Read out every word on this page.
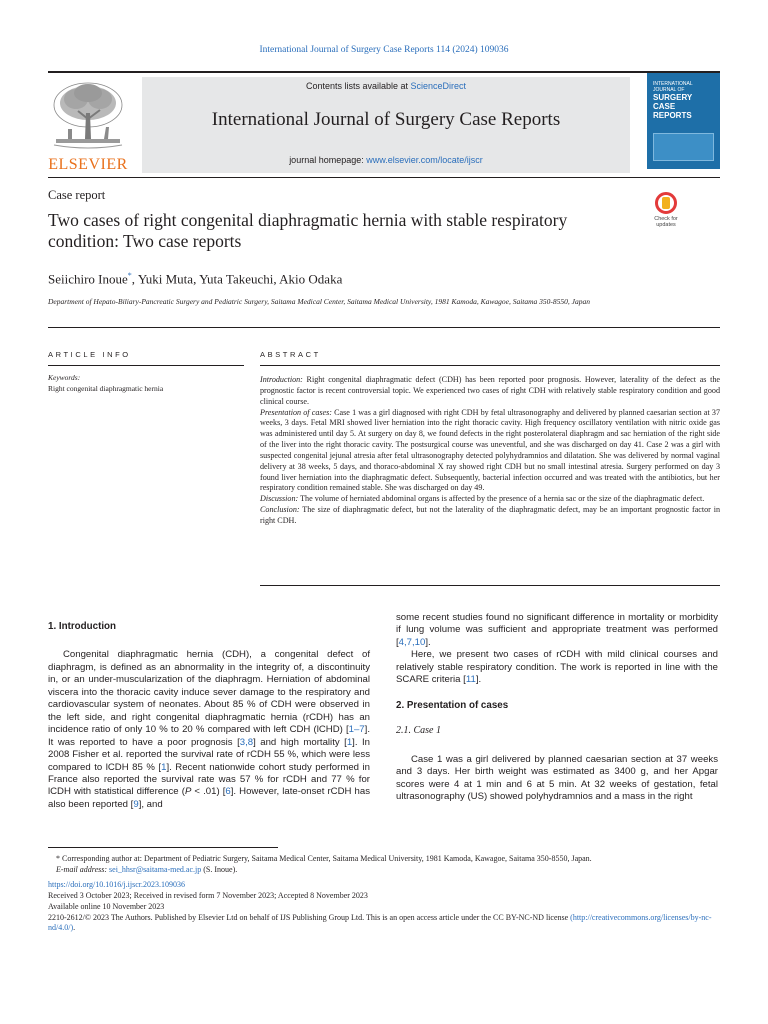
International Journal of Surgery Case Reports 114 (2024) 109036
ELSEVIER
Contents lists available at ScienceDirect
International Journal of Surgery Case Reports
journal homepage: www.elsevier.com/locate/ijscr
INTERNATIONAL JOURNAL OF
SURGERY
CASE
REPORTS
Case report
Two cases of right congenital diaphragmatic hernia with stable respiratory condition: Two case reports
Check for updates
Seiichiro Inoue*, Yuki Muta, Yuta Takeuchi, Akio Odaka
Department of Hepato-Biliary-Pancreatic Surgery and Pediatric Surgery, Saitama Medical Center, Saitama Medical University, 1981 Kamoda, Kawagoe, Saitama 350-8550, Japan
ARTICLE INFO	ABSTRACT
Keywords:
Right congenital diaphragmatic hernia

Introduction: Right congenital diaphragmatic defect (CDH) has been reported poor prognosis. However, laterality of the defect as the prognostic factor is recent controversial topic. We experienced two cases of right CDH with relatively stable respiratory condition and good clinical course.

Presentation of cases: Case 1 was a girl diagnosed with right CDH by fetal ultrasonography and delivered by planned caesarian section at 37 weeks, 3 days. Fetal MRI showed liver herniation into the right thoracic cavity. High frequency oscillatory ventilation with nitric oxide gas was administered until day 5. At surgery on day 8, we found defects in the right posterolateral diaphragm and sac herniation of the right side of the liver into the right thoracic cavity. The postsurgical course was uneventful, and she was discharged on day 41. Case 2 was a girl with suspected congenital jejunal atresia after fetal ultrasonography detected polyhydramnios and dilatation. She was delivered by normal vaginal delivery at 38 weeks, 5 days, and thoraco-abdominal X ray showed right CDH but no small intestinal atresia. Surgery performed on day 3 found liver herniation into the diaphragmatic defect. Subsequently, bacterial infection occurred and was treated with the antibiotics, but her respiratory condition remained stable. She was discharged on day 49.

Discussion: The volume of herniated abdominal organs is affected by the presence of a hernia sac or the size of the diaphragmatic defect.

Conclusion: The size of diaphragmatic defect, but not the laterality of the diaphragmatic defect, may be an important prognostic factor in right CDH.

1. Introduction
Congenital diaphragmatic hernia (CDH), a congenital defect of diaphragm, is defined as an abnormality in the integrity of, a discontinuity in, or an under-muscularization of the diaphragm. Herniation of abdominal viscera into the thoracic cavity induce sever damage to the respiratory and cardiovascular system of neonates. About 85 % of CDH were observed in the left side, and right congenital diaphragmatic hernia (rCDH) has an incidence ratio of only 10 % to 20 % compared with left CDH (lCHD) [1–7]. It was reported to have a poor prognosis [3,8] and high mortality [1]. In 2008 Fisher et al. reported the survival rate of rCDH 55 %, which were less compared to lCDH 85 % [1]. Recent nationwide cohort study performed in France also reported the survival rate was 57 % for rCDH and 77 % for lCDH with statistical difference (P < .01) [6]. However, late-onset rCDH has also been reported [9], and
some recent studies found no significant difference in mortality or morbidity if lung volume was sufficient and appropriate treatment was performed [4,7,10].
Here, we present two cases of rCDH with mild clinical courses and relatively stable respiratory condition. The work is reported in line with the SCARE criteria [11].
2. Presentation of cases
2.1. Case 1
Case 1 was a girl delivered by planned caesarian section at 37 weeks and 3 days. Her birth weight was estimated as 3400 g, and her Apgar scores were 4 at 1 min and 6 at 5 min. At 32 weeks of gestation, fetal ultrasonography (US) showed polyhydramnios and a mass in the right
* Corresponding author at: Department of Pediatric Surgery, Saitama Medical Center, Saitama Medical University, 1981 Kamoda, Kawagoe, Saitama 350-8550, Japan.
E-mail address: sei_hhsr@saitama-med.ac.jp (S. Inoue).
https://doi.org/10.1016/j.ijscr.2023.109036
Received 3 October 2023; Received in revised form 7 November 2023; Accepted 8 November 2023
Available online 10 November 2023
2210-2612/© 2023 The Authors. Published by Elsevier Ltd on behalf of IJS Publishing Group Ltd. This is an open access article under the CC BY-NC-ND license (http://creativecommons.org/licenses/by-nc-nd/4.0/).
